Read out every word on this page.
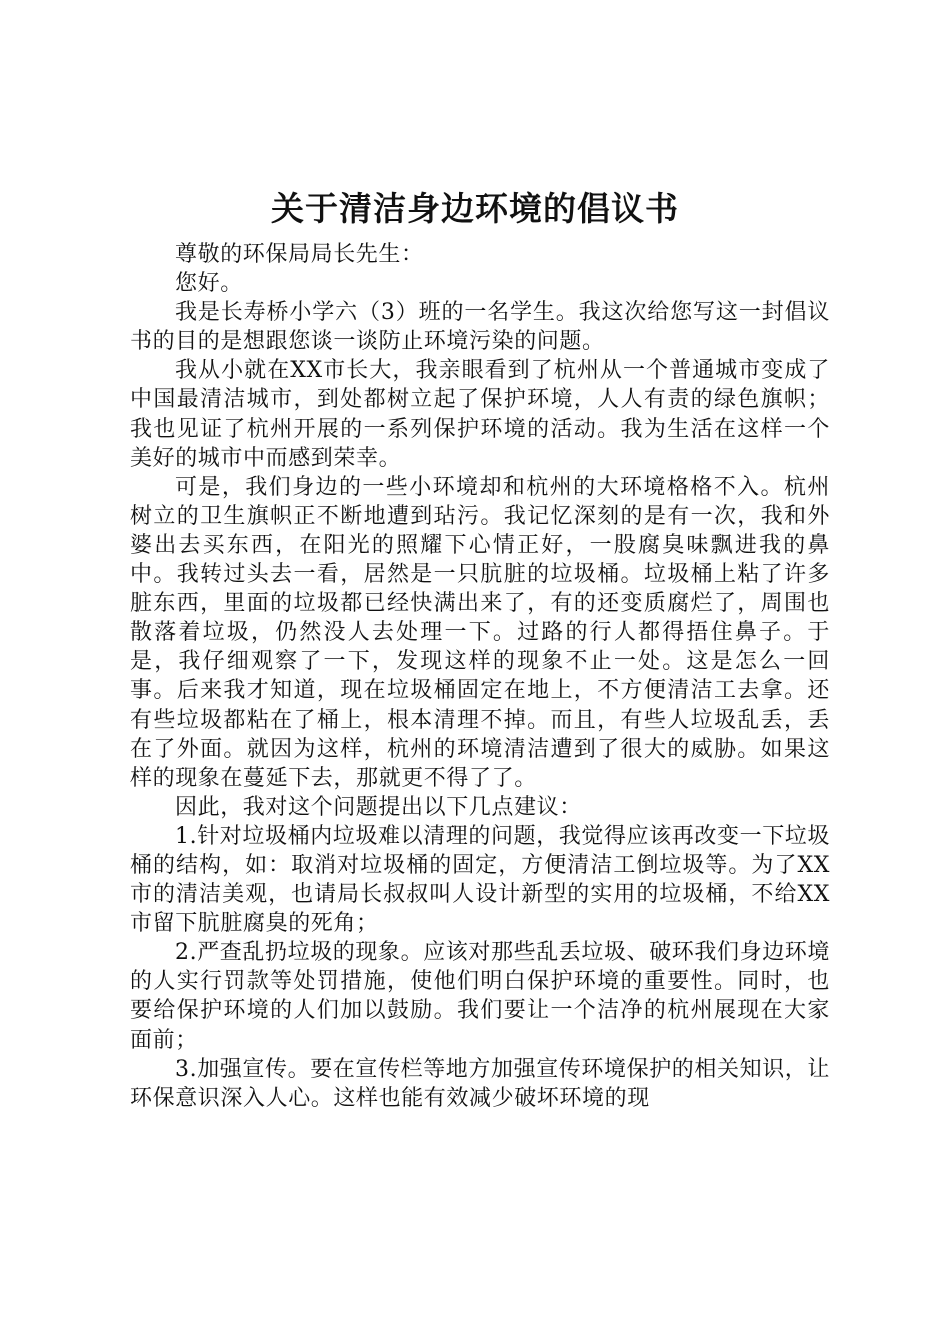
关于清洁身边环境的倡议书

尊敬的环保局局长先生：

您好。

我是长寿桥小学六（3）班的一名学生。我这次给您写这一封倡议书的目的是想跟您谈一谈防止环境污染的问题。

我从小就在XX市长大，我亲眼看到了杭州从一个普通城市变成了中国最清洁城市，到处都树立起了保护环境，人人有责的绿色旗帜；我也见证了杭州开展的一系列保护环境的活动。我为生活在这样一个美好的城市中而感到荣幸。

可是，我们身边的一些小环境却和杭州的大环境格格不入。杭州树立的卫生旗帜正不断地遭到玷污。我记忆深刻的是有一次，我和外婆出去买东西，在阳光的照耀下心情正好，一股腐臭味飘进我的鼻中。我转过头去一看，居然是一只肮脏的垃圾桶。垃圾桶上粘了许多脏东西，里面的垃圾都已经快满出来了，有的还变质腐烂了，周围也散落着垃圾，仍然没人去处理一下。过路的行人都得捂住鼻子。于是，我仔细观察了一下，发现这样的现象不止一处。这是怎么一回事。后来我才知道，现在垃圾桶固定在地上，不方便清洁工去拿。还有些垃圾都粘在了桶上，根本清理不掉。而且，有些人垃圾乱丢，丢在了外面。就因为这样，杭州的环境清洁遭到了很大的威胁。如果这样的现象在蔓延下去，那就更不得了了。

因此，我对这个问题提出以下几点建议：

1.针对垃圾桶内垃圾难以清理的问题，我觉得应该再改变一下垃圾桶的结构，如：取消对垃圾桶的固定，方便清洁工倒垃圾等。为了XX市的清洁美观，也请局长叔叔叫人设计新型的实用的垃圾桶，不给XX市留下肮脏腐臭的死角；

2.严查乱扔垃圾的现象。应该对那些乱丢垃圾、破环我们身边环境的人实行罚款等处罚措施，使他们明白保护环境的重要性。同时，也要给保护环境的人们加以鼓励。我们要让一个洁净的杭州展现在大家面前；

3.加强宣传。要在宣传栏等地方加强宣传环境保护的相关知识，让环保意识深入人心。这样也能有效减少破坏环境的现
